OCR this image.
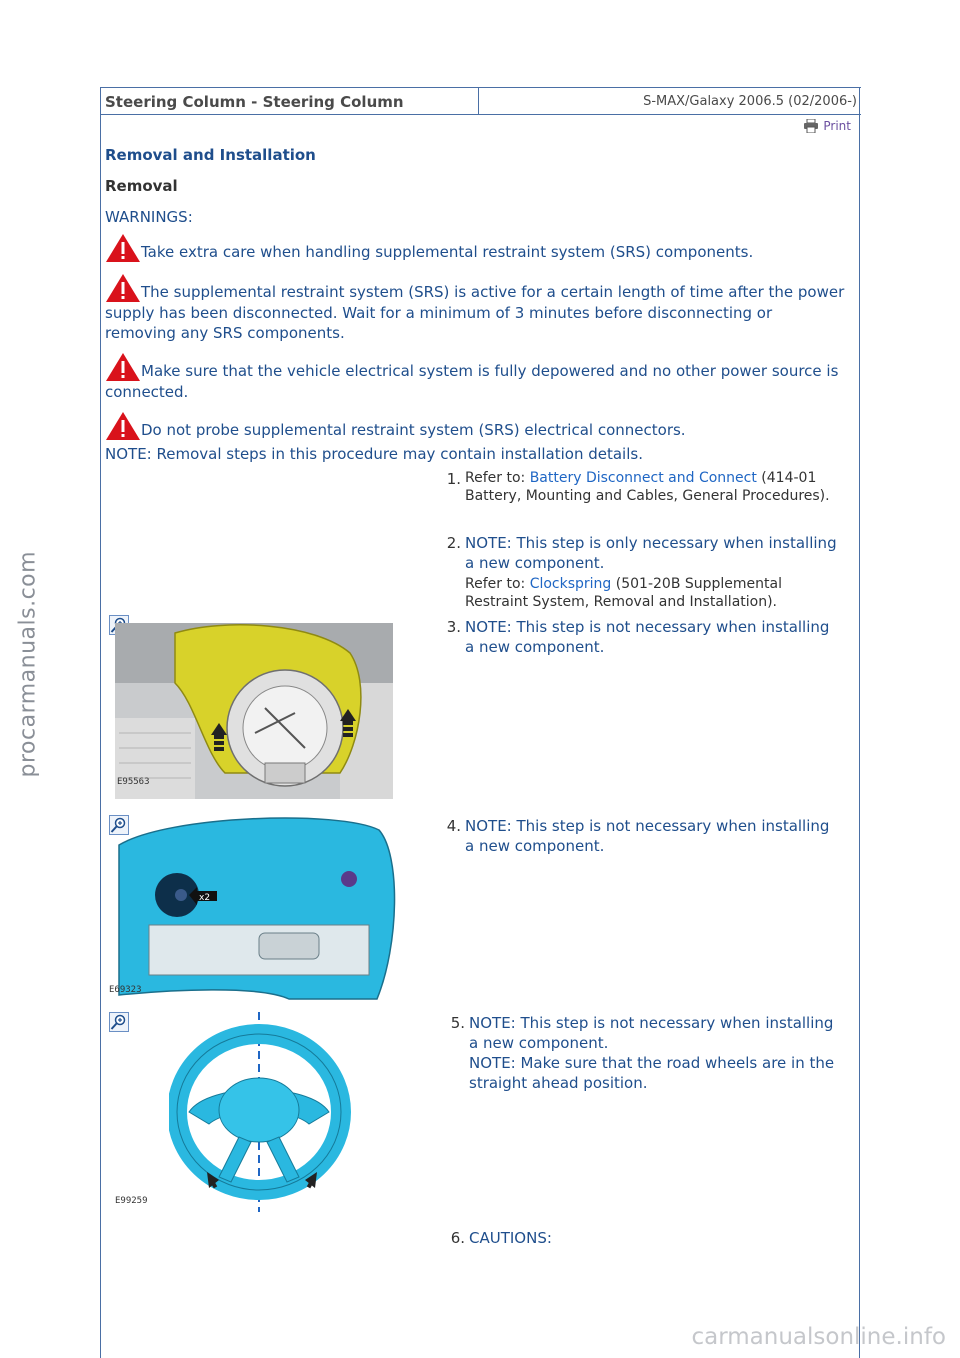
procarmanuals.com
carmanualsonline.info
Steering Column - Steering Column	S-MAX/Galaxy 2006.5 (02/2006-)
Print
Removal and Installation
Removal
WARNINGS:
Take extra care when handling supplemental restraint system (SRS) components.
The supplemental restraint system (SRS) is active for a certain length of time after the power supply has been disconnected. Wait for a minimum of 3 minutes before disconnecting or removing any SRS components.
Make sure that the vehicle electrical system is fully depowered and no other power source is connected.
Do not probe supplemental restraint system (SRS) electrical connectors.
NOTE: Removal steps in this procedure may contain installation details.
1. Refer to: Battery Disconnect and Connect (414-01 Battery, Mounting and Cables, General Procedures).
2. NOTE: This step is only necessary when installing a new component.
Refer to: Clockspring (501-20B Supplemental Restraint System, Removal and Installation).
E95563
3. NOTE: This step is not necessary when installing a new component.
x2
E69323
4. NOTE: This step is not necessary when installing a new component.
E99259
5. NOTE: This step is not necessary when installing a new component.
NOTE: Make sure that the road wheels are in the straight ahead position.
6. CAUTIONS:
